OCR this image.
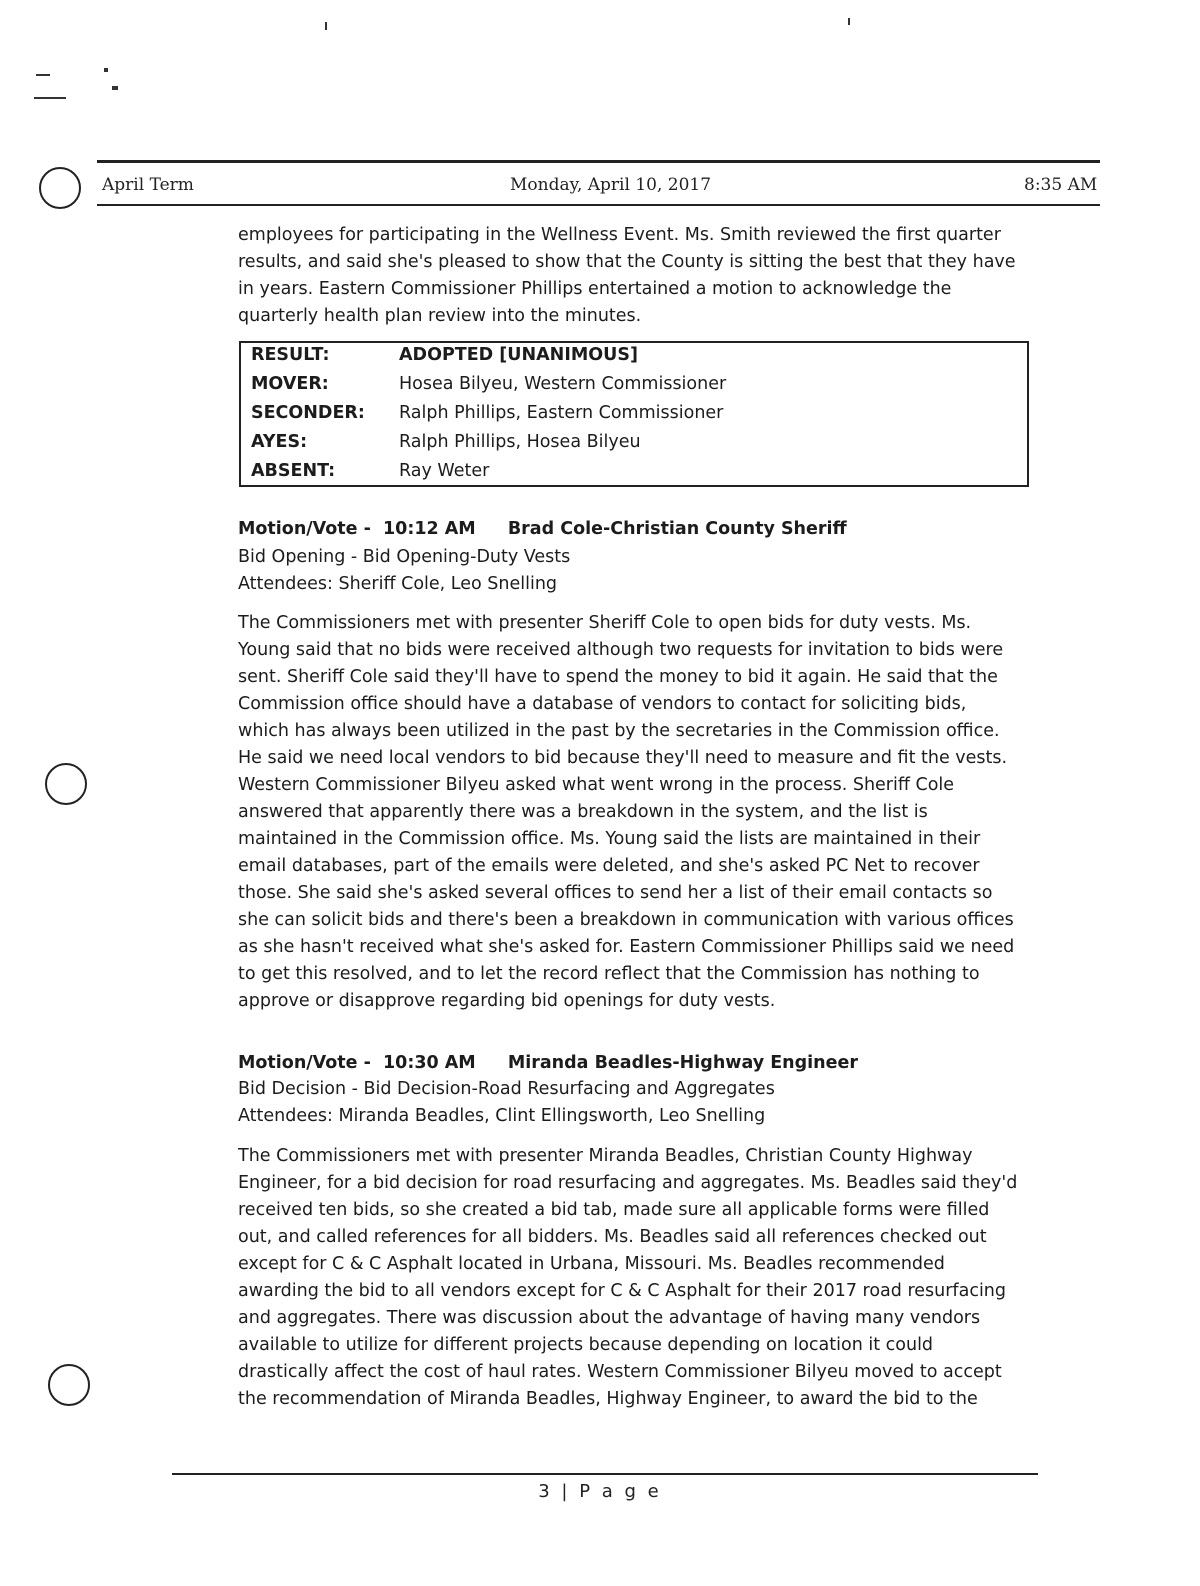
April Term	Monday, April 10, 2017	8:35 AM
employees for participating in the Wellness Event. Ms. Smith reviewed the first quarter
results, and said she's pleased to show that the County is sitting the best that they have
in years. Eastern Commissioner Phillips entertained a motion to acknowledge the
quarterly health plan review into the minutes.
RESULT:	ADOPTED [UNANIMOUS]
MOVER:	Hosea Bilyeu, Western Commissioner
SECONDER:	Ralph Phillips, Eastern Commissioner
AYES:	Ralph Phillips, Hosea Bilyeu
ABSENT:	Ray Weter
Motion/Vote - 10:12 AM Brad Cole-Christian County Sheriff
Bid Opening - Bid Opening-Duty Vests
Attendees: Sheriff Cole, Leo Snelling
The Commissioners met with presenter Sheriff Cole to open bids for duty vests. Ms.
Young said that no bids were received although two requests for invitation to bids were
sent. Sheriff Cole said they'll have to spend the money to bid it again. He said that the
Commission office should have a database of vendors to contact for soliciting bids,
which has always been utilized in the past by the secretaries in the Commission office.
He said we need local vendors to bid because they'll need to measure and fit the vests.
Western Commissioner Bilyeu asked what went wrong in the process. Sheriff Cole
answered that apparently there was a breakdown in the system, and the list is
maintained in the Commission office. Ms. Young said the lists are maintained in their
email databases, part of the emails were deleted, and she's asked PC Net to recover
those. She said she's asked several offices to send her a list of their email contacts so
she can solicit bids and there's been a breakdown in communication with various offices
as she hasn't received what she's asked for. Eastern Commissioner Phillips said we need
to get this resolved, and to let the record reflect that the Commission has nothing to
approve or disapprove regarding bid openings for duty vests.
Motion/Vote - 10:30 AM Miranda Beadles-Highway Engineer
Bid Decision - Bid Decision-Road Resurfacing and Aggregates
Attendees: Miranda Beadles, Clint Ellingsworth, Leo Snelling
The Commissioners met with presenter Miranda Beadles, Christian County Highway
Engineer, for a bid decision for road resurfacing and aggregates. Ms. Beadles said they'd
received ten bids, so she created a bid tab, made sure all applicable forms were filled
out, and called references for all bidders. Ms. Beadles said all references checked out
except for C & C Asphalt located in Urbana, Missouri. Ms. Beadles recommended
awarding the bid to all vendors except for C & C Asphalt for their 2017 road resurfacing
and aggregates. There was discussion about the advantage of having many vendors
available to utilize for different projects because depending on location it could
drastically affect the cost of haul rates. Western Commissioner Bilyeu moved to accept
the recommendation of Miranda Beadles, Highway Engineer, to award the bid to the
3 | P a g e
